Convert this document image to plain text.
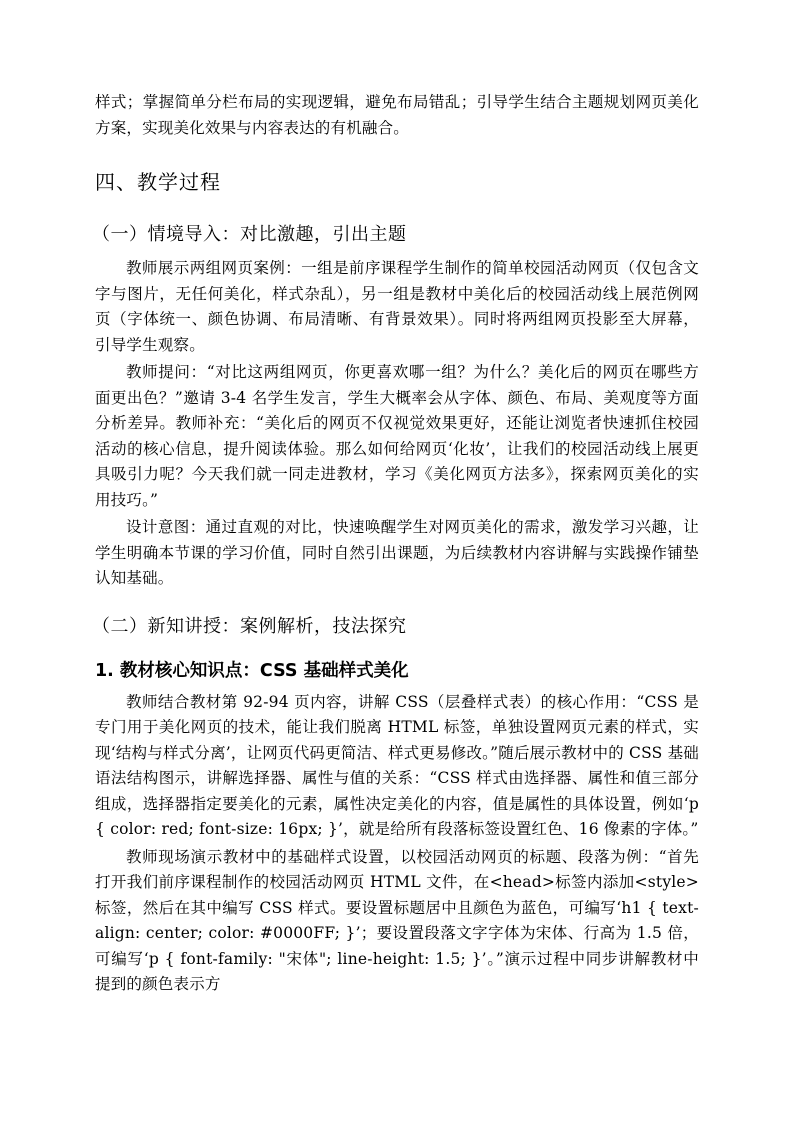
样式；掌握简单分栏布局的实现逻辑，避免布局错乱；引导学生结合主题规划网页美化方案，实现美化效果与内容表达的有机融合。

四、教学过程
（一）情境导入：对比激趣，引出主题

教师展示两组网页案例：一组是前序课程学生制作的简单校园活动网页（仅包含文字与图片，无任何美化，样式杂乱），另一组是教材中美化后的校园活动线上展范例网页（字体统一、颜色协调、布局清晰、有背景效果）。同时将两组网页投影至大屏幕，引导学生观察。

教师提问：“对比这两组网页，你更喜欢哪一组？为什么？美化后的网页在哪些方面更出色？”邀请 3-4 名学生发言，学生大概率会从字体、颜色、布局、美观度等方面分析差异。教师补充：“美化后的网页不仅视觉效果更好，还能让浏览者快速抓住校园活动的核心信息，提升阅读体验。那么如何给网页‘化妆’，让我们的校园活动线上展更具吸引力呢？今天我们就一同走进教材，学习《美化网页方法多》，探索网页美化的实用技巧。”

设计意图：通过直观的对比，快速唤醒学生对网页美化的需求，激发学习兴趣，让学生明确本节课的学习价值，同时自然引出课题，为后续教材内容讲解与实践操作铺垫认知基础。

（二）新知讲授：案例解析，技法探究
1. 教材核心知识点：CSS 基础样式美化

教师结合教材第 92-94 页内容，讲解 CSS（层叠样式表）的核心作用：“CSS 是专门用于美化网页的技术，能让我们脱离 HTML 标签，单独设置网页元素的样式，实现‘结构与样式分离’，让网页代码更简洁、样式更易修改。”随后展示教材中的 CSS 基础语法结构图示，讲解选择器、属性与值的关系：“CSS 样式由选择器、属性和值三部分组成，选择器指定要美化的元素，属性决定美化的内容，值是属性的具体设置，例如‘p { color: red; font-size: 16px; }’，就是给所有段落标签设置红色、16 像素的字体。”

教师现场演示教材中的基础样式设置，以校园活动网页的标题、段落为例：“首先打开我们前序课程制作的校园活动网页 HTML 文件，在<head>标签内添加<style>标签，然后在其中编写 CSS 样式。要设置标题居中且颜色为蓝色，可编写‘h1 { text-align: center; color: #0000FF; }’；要设置段落文字字体为宋体、行高为 1.5 倍，可编写‘p { font-family: "宋体"; line-height: 1.5; }’。”演示过程中同步讲解教材中提到的颜色表示方
